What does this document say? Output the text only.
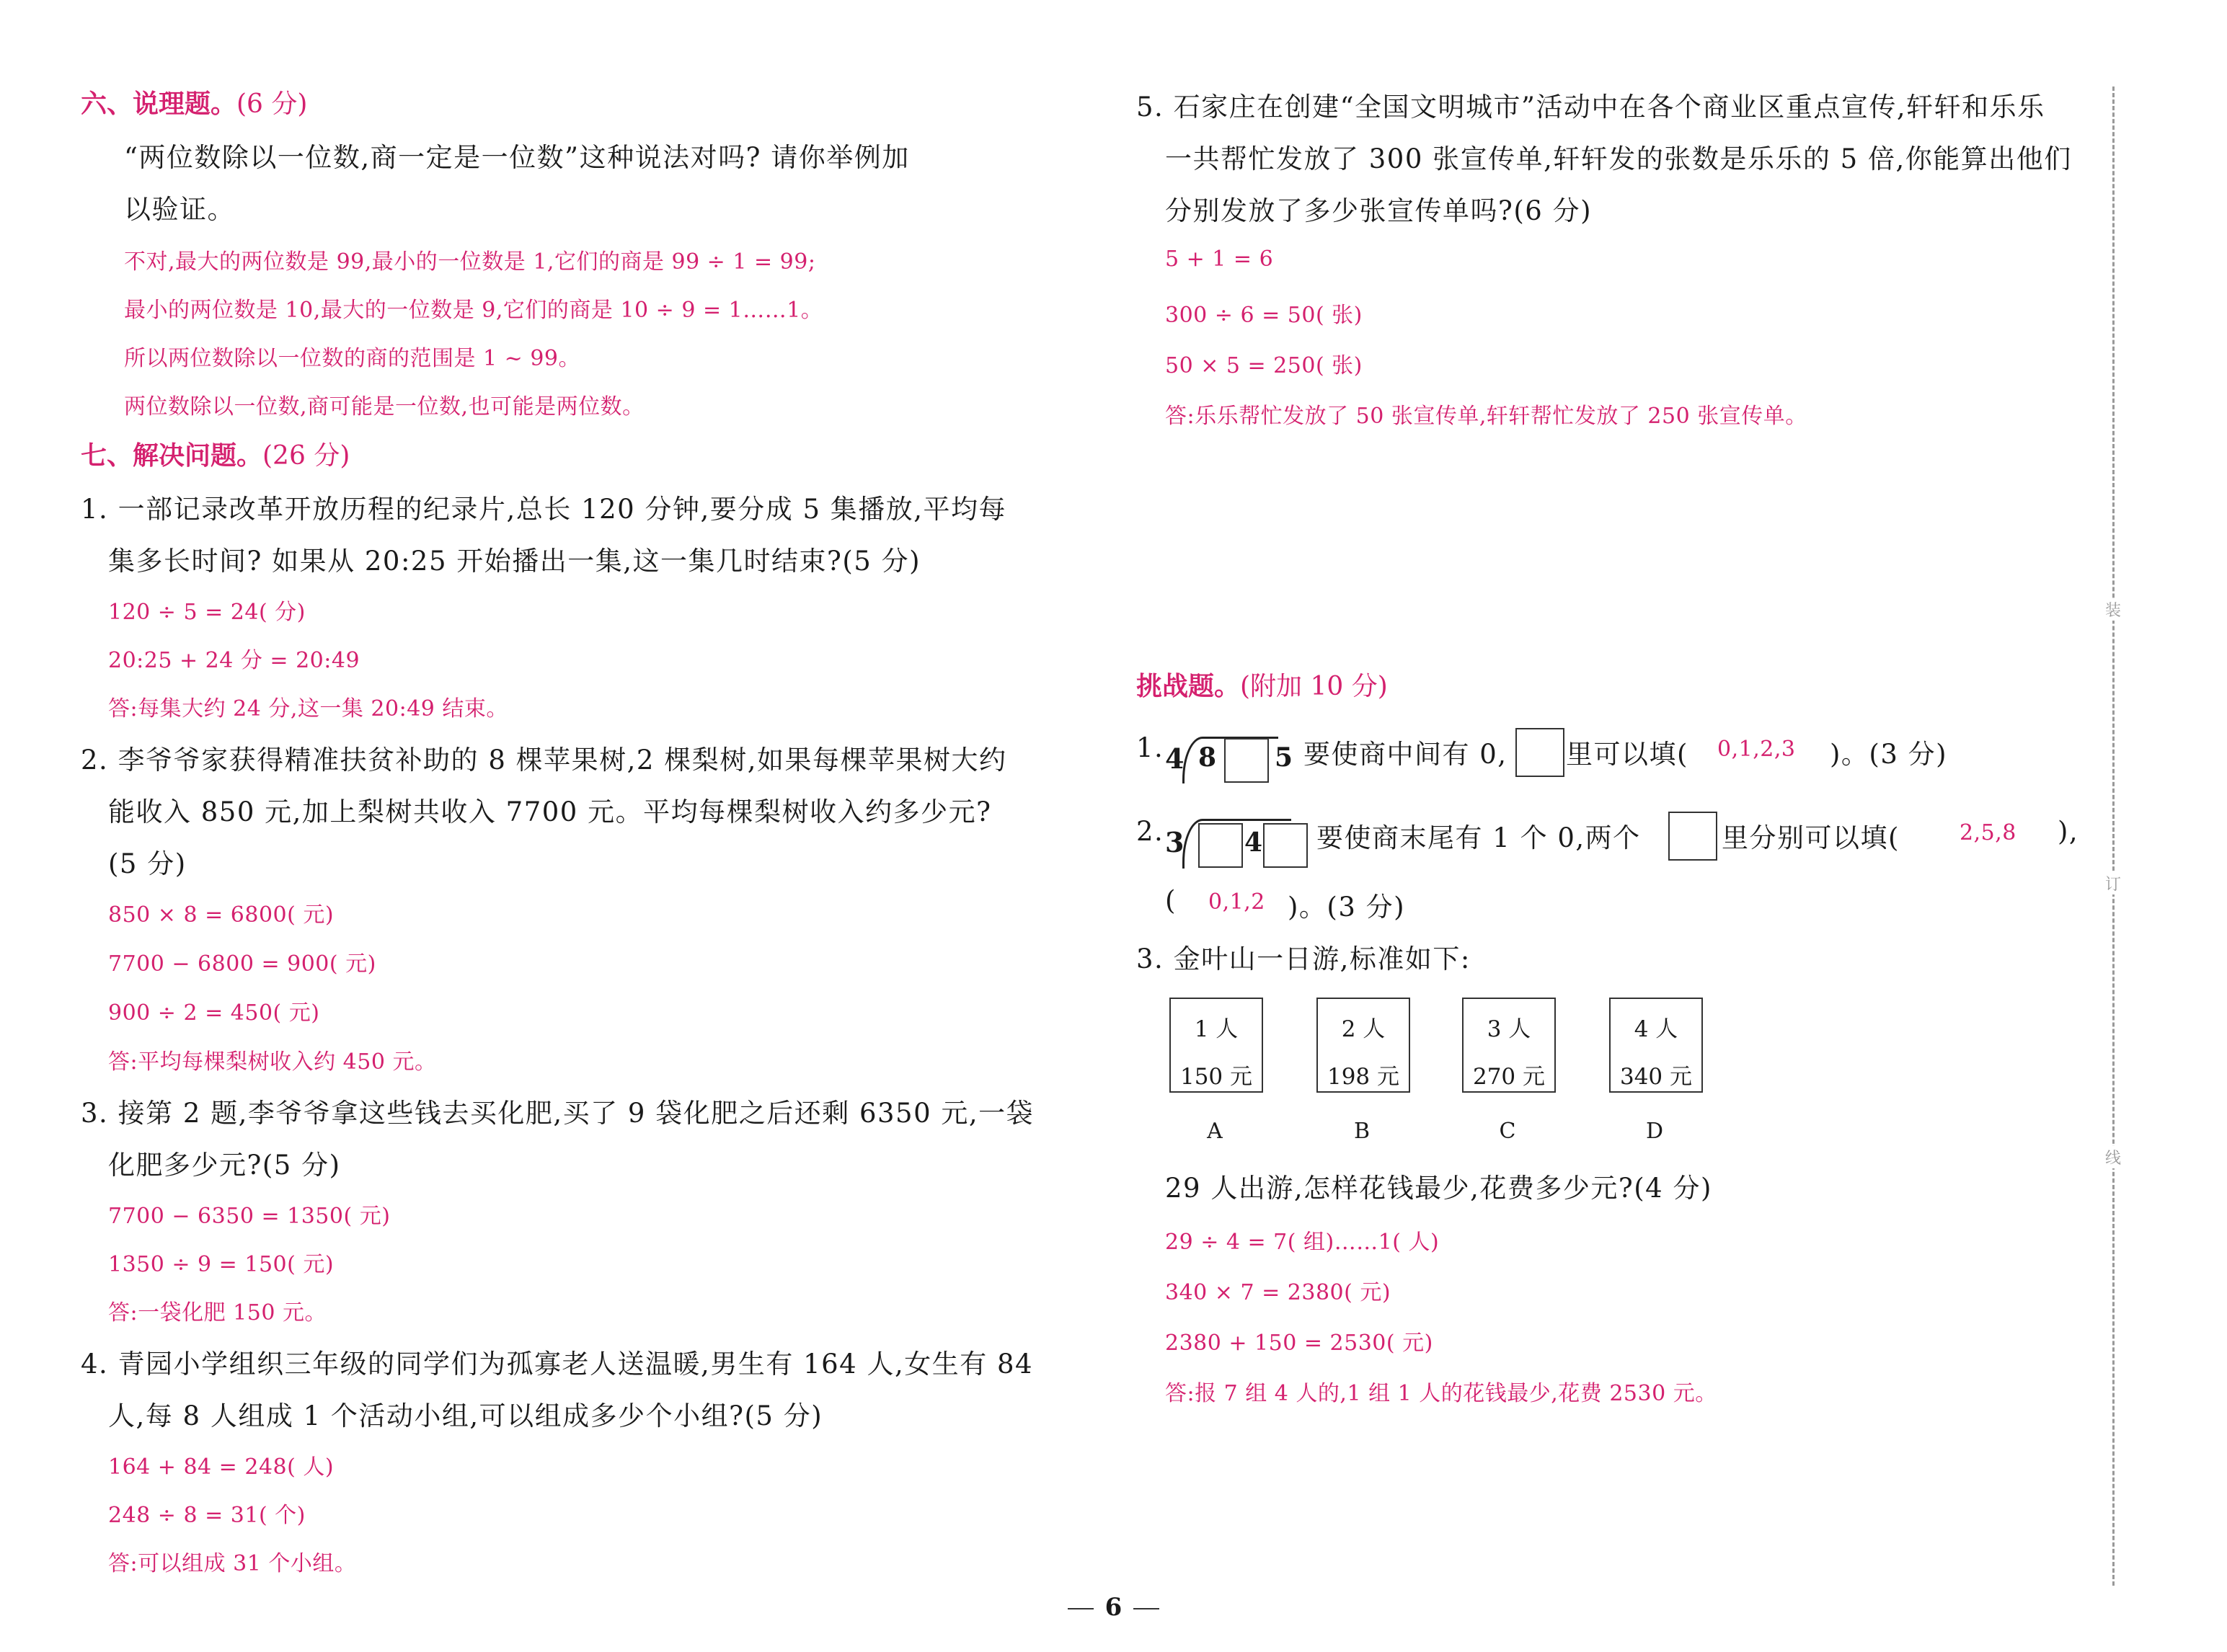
六、说理题。(6 分)
“两位数除以一位数,商一定是一位数”这种说法对吗? 请你举例加
以验证。
不对,最大的两位数是 99,最小的一位数是 1,它们的商是 99 ÷ 1 = 99;
最小的两位数是 10,最大的一位数是 9,它们的商是 10 ÷ 9 = 1……1。
所以两位数除以一位数的商的范围是 1 ~ 99。
两位数除以一位数,商可能是一位数,也可能是两位数。
七、解决问题。(26 分)
1. 一部记录改革开放历程的纪录片,总长 120 分钟,要分成 5 集播放,平均每
集多长时间? 如果从 20:25 开始播出一集,这一集几时结束?(5 分)
120 ÷ 5 = 24( 分)
20:25 + 24 分 = 20:49
答:每集大约 24 分,这一集 20:49 结束。
2. 李爷爷家获得精准扶贫补助的 8 棵苹果树,2 棵梨树,如果每棵苹果树大约
能收入 850 元,加上梨树共收入 7700 元。平均每棵梨树收入约多少元?
(5 分)
850 × 8 = 6800( 元)
7700 − 6800 = 900( 元)
900 ÷ 2 = 450( 元)
答:平均每棵梨树收入约 450 元。
3. 接第 2 题,李爷爷拿这些钱去买化肥,买了 9 袋化肥之后还剩 6350 元,一袋
化肥多少元?(5 分)
7700 − 6350 = 1350( 元)
1350 ÷ 9 = 150( 元)
答:一袋化肥 150 元。
4. 青园小学组织三年级的同学们为孤寡老人送温暖,男生有 164 人,女生有 84
人,每 8 人组成 1 个活动小组,可以组成多少个小组?(5 分)
164 + 84 = 248( 人)
248 ÷ 8 = 31( 个)
答:可以组成 31 个小组。
5. 石家庄在创建“全国文明城市”活动中在各个商业区重点宣传,轩轩和乐乐
一共帮忙发放了 300 张宣传单,轩轩发的张数是乐乐的 5 倍,你能算出他们
分别发放了多少张宣传单吗?(6 分)
5 + 1 = 6
300 ÷ 6 = 50( 张)
50 × 5 = 250( 张)
答:乐乐帮忙发放了 50 张宣传单,轩轩帮忙发放了 250 张宣传单。
挑战题。(附加 10 分)
1. 4 8 5 要使商中间有 0, 里可以填( 0,1,2,3 )。(3 分)
2. 3 4 要使商末尾有 1 个 0,两个	里分别可以填(	2,5,8 ),
( 0,1,2 )。(3 分)
3. 金叶山一日游,标准如下:
1 人
150 元
2 人
198 元
3 人
270 元
4 人
340 元
A	B	C	D
29 人出游,怎样花钱最少,花费多少元?(4 分)
29 ÷ 4 = 7( 组)……1( 人)
340 × 7 = 2380( 元)
2380 + 150 = 2530( 元)
答:报 7 组 4 人的,1 组 1 人的花钱最少,花费 2530 元。
装
订
线
6
